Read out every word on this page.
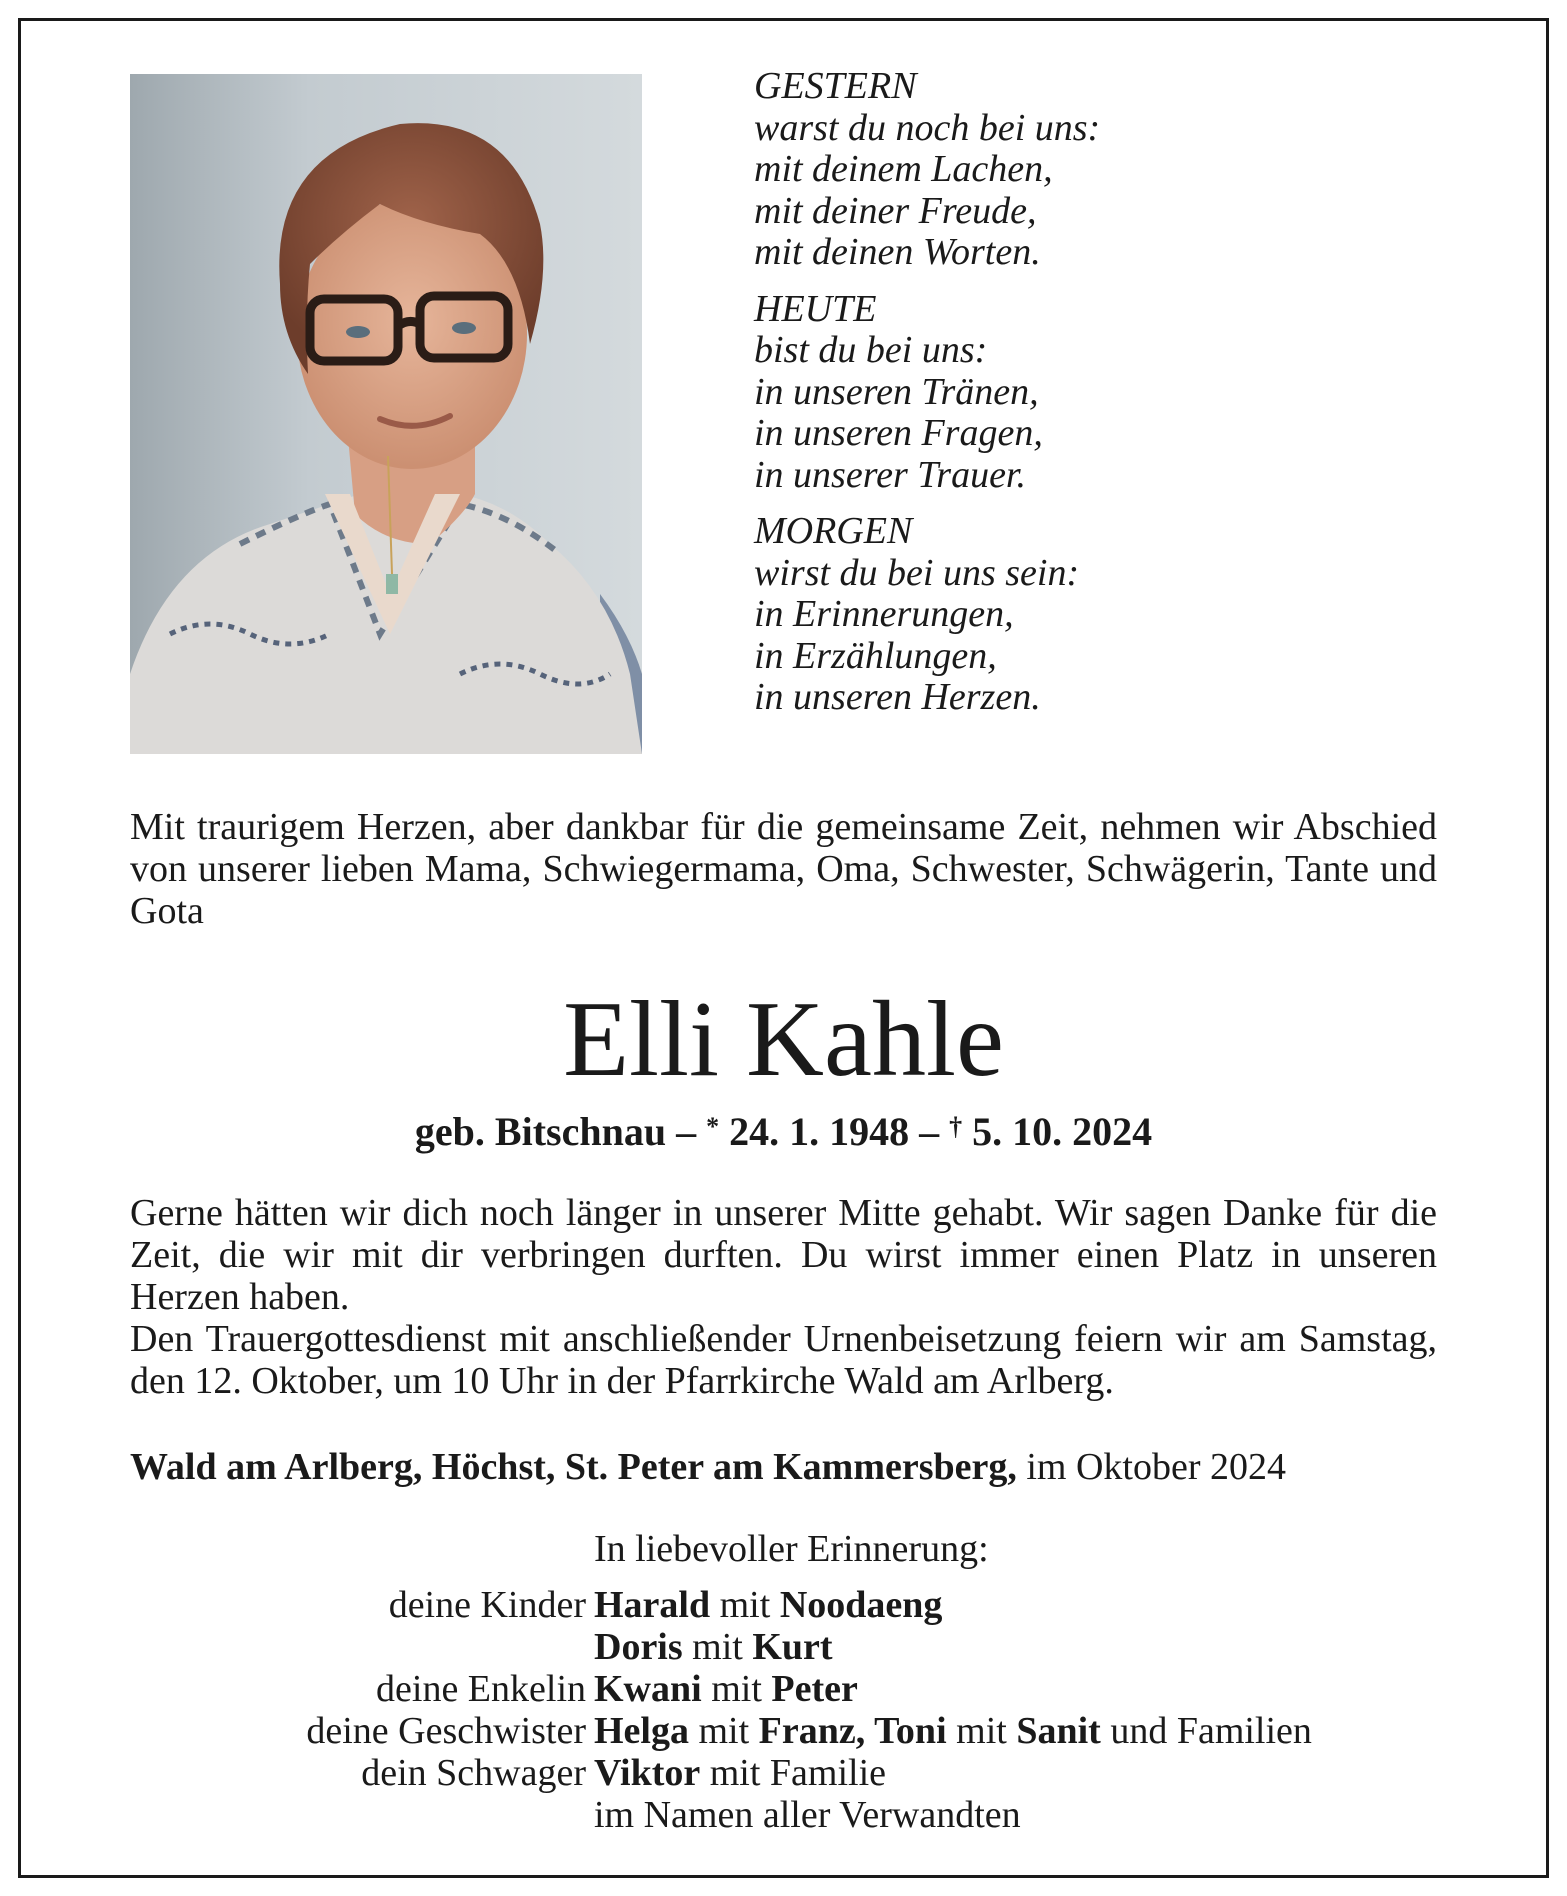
GESTERN
warst du noch bei uns:
mit deinem Lachen,
mit deiner Freude,
mit deinen Worten.
HEUTE
bist du bei uns:
in unseren Tränen,
in unseren Fragen,
in unserer Trauer.
MORGEN
wirst du bei uns sein:
in Erinnerungen,
in Erzählungen,
in unseren Herzen.
Mit traurigem Herzen, aber dankbar für die gemeinsame Zeit, nehmen wir Abschied von unserer lieben Mama, Schwiegermama, Oma, Schwester, Schwägerin, Tante und Gota
Elli Kahle
geb. Bitschnau – * 24. 1. 1948 – † 5. 10. 2024
Gerne hätten wir dich noch länger in unserer Mitte gehabt. Wir sagen Danke für die Zeit, die wir mit dir verbringen durften. Du wirst immer einen Platz in unseren Herzen haben.
Den Trauergottesdienst mit anschließender Urnenbeisetzung feiern wir am Samstag, den 12. Oktober, um 10 Uhr in der Pfarrkirche Wald am Arlberg.
Wald am Arlberg, Höchst, St. Peter am Kammersberg, im Oktober 2024
In liebevoller Erinnerung:
deine Kinder Harald mit Noodaeng
Doris mit Kurt
deine Enkelin Kwani mit Peter
deine Geschwister Helga mit Franz, Toni mit Sanit und Familien
dein Schwager Viktor mit Familie
im Namen aller Verwandten
